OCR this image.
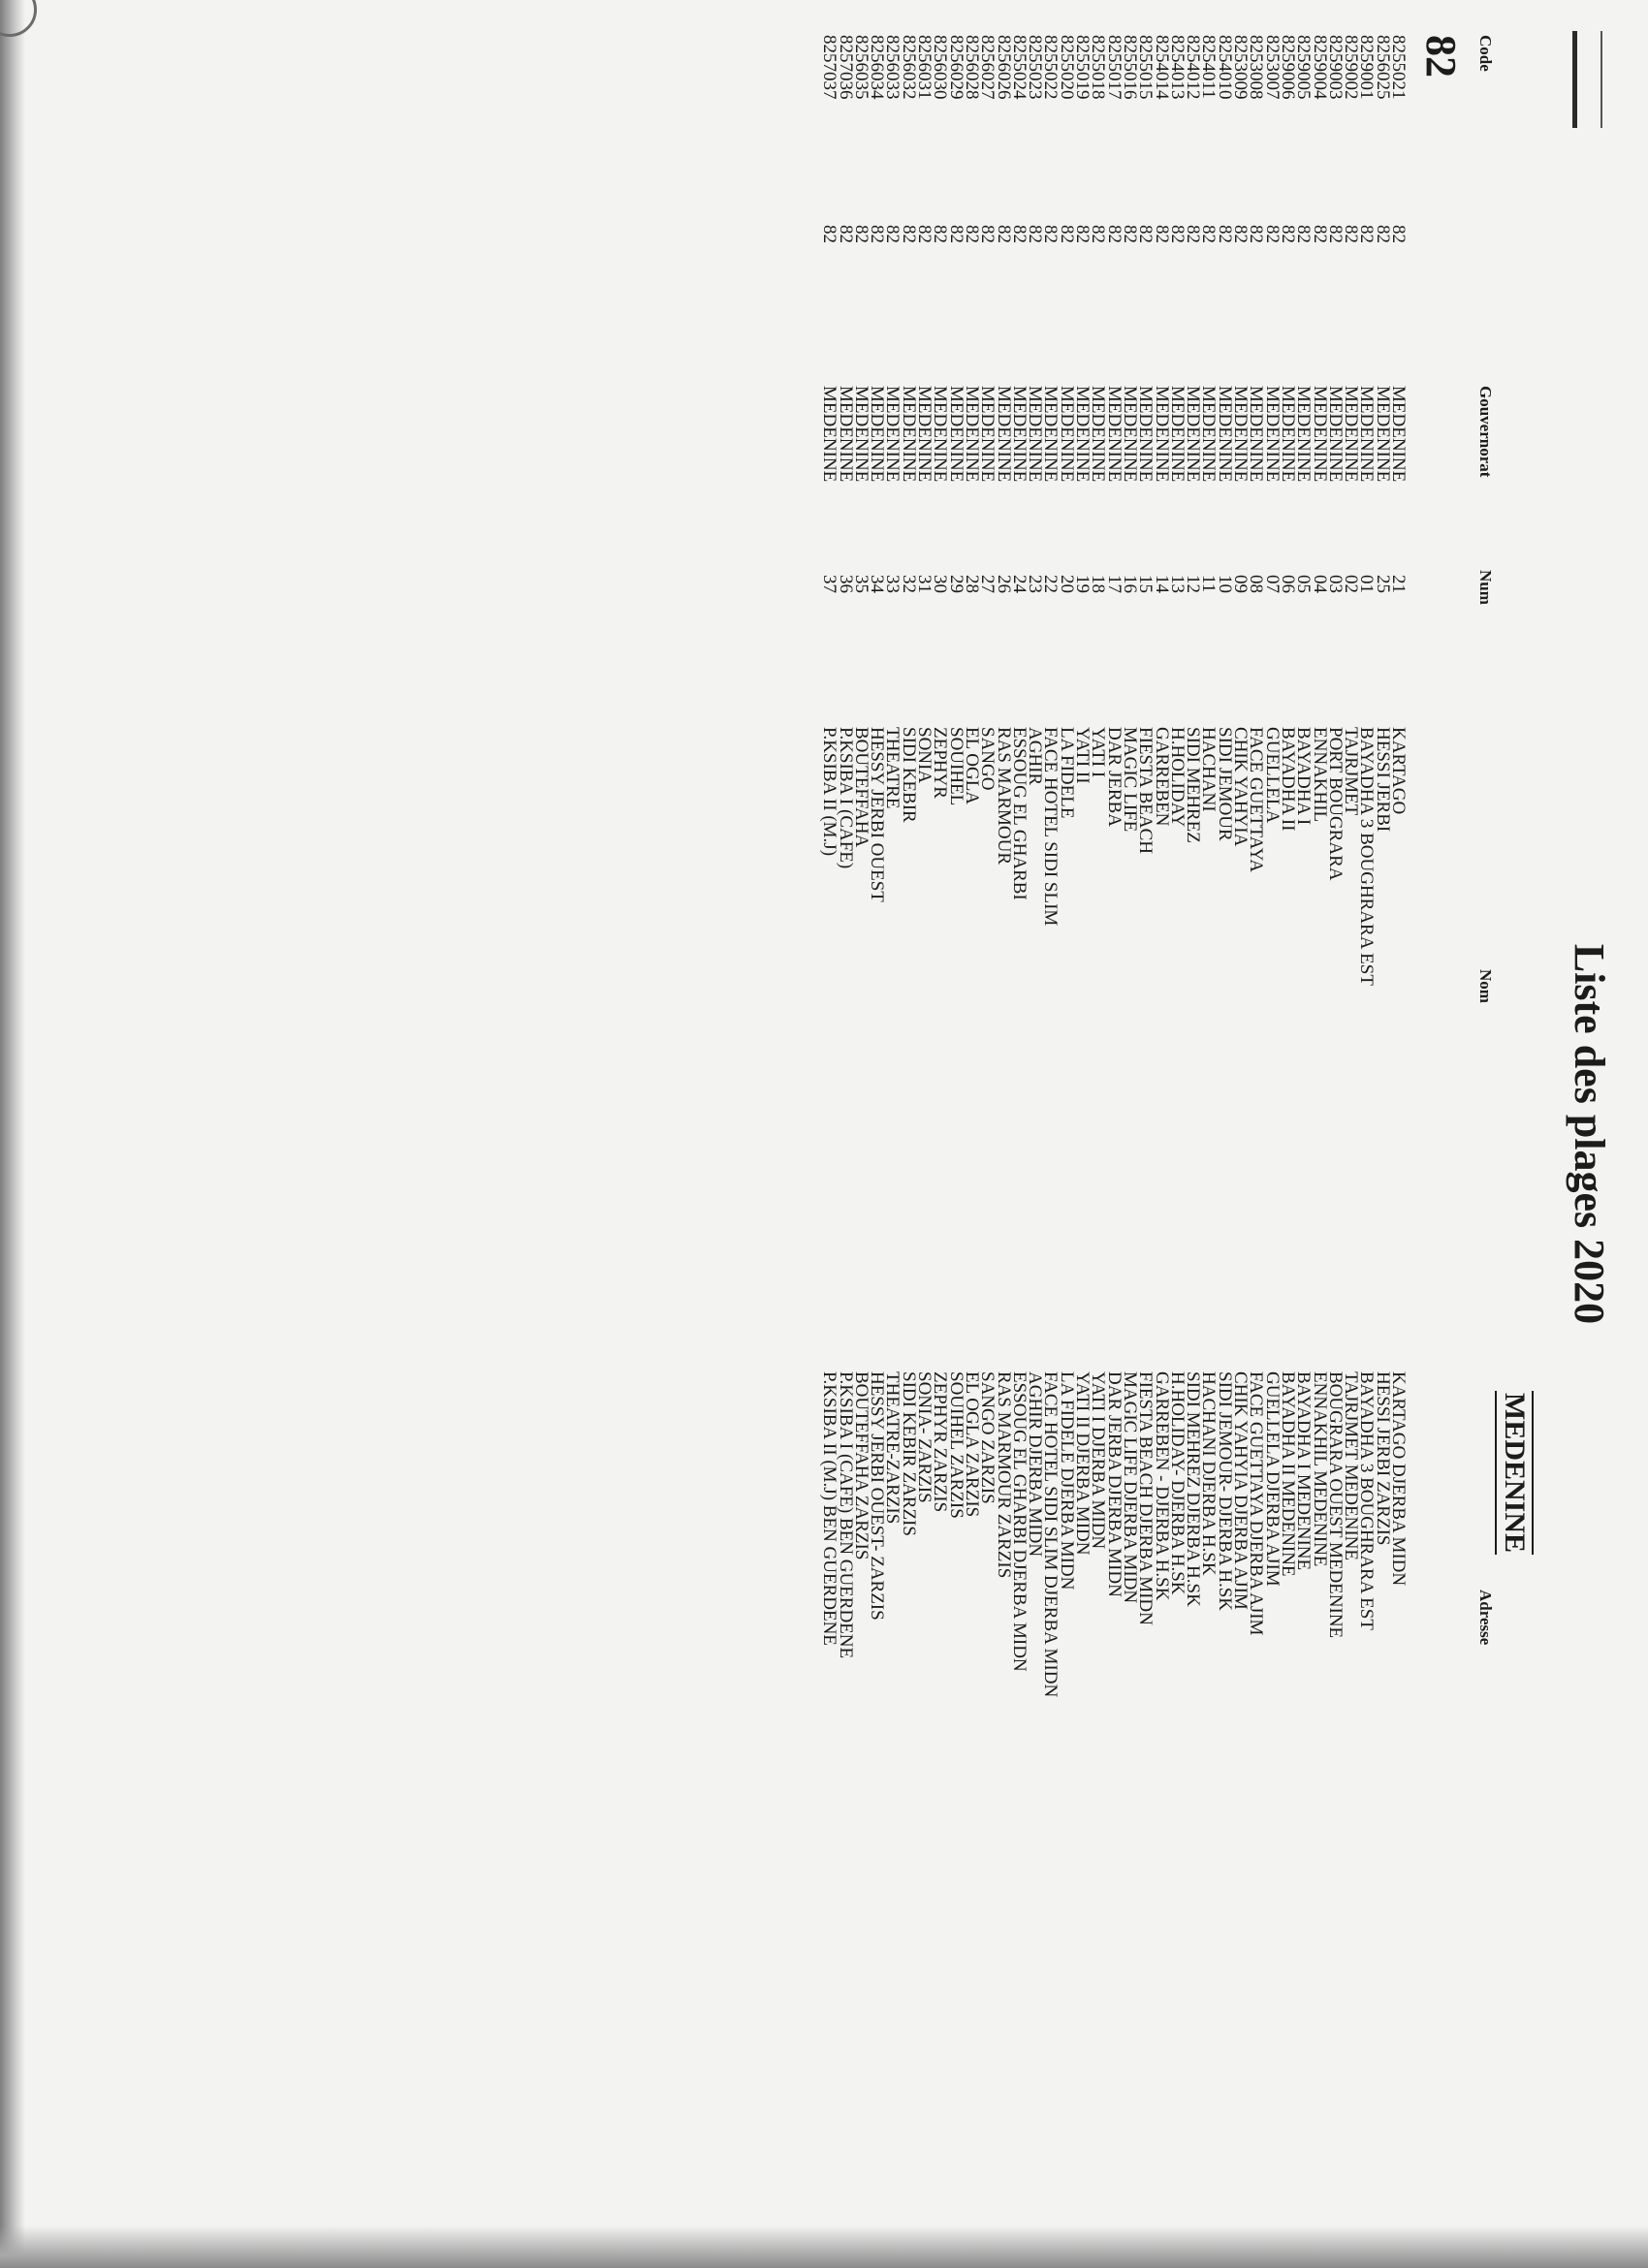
Liste des plages 2020
MEDENINE
Code
Gouvernorat
Num
Nom
Adresse
82
8255021
82
MEDENINE
21
KARTAGO
KARTAGO DJERBA MIDN
8256025
82
MEDENINE
25
HESSI JERBI
HESSI JERBI ZARZIS
8259001
82
MEDENINE
01
BAYADHA 3 BOUGHRARA EST
BAYADHA 3 BOUGHRARA EST
8259002
82
MEDENINE
02
TAJRJMET
TAJRJMET MEDENINE
8259003
82
MEDENINE
03
PORT BOUGRARA
BOUGRARA OUEST MEDENINE
8259004
82
MEDENINE
04
ENNAKHIL
ENNAKHIL MEDENINE
8259005
82
MEDENINE
05
BAYADHA I
BAYADHA I MEDENINE
8259006
82
MEDENINE
06
BAYADHA II
BAYADHA II MEDENINE
8253007
82
MEDENINE
07
GUELLELA
GUELLELA DJERBA AJIM
8253008
82
MEDENINE
08
FACE GUETTAYA
FACE GUETTAYA DJERBA AJIM
8253009
82
MEDENINE
09
CHIK YAHYIA
CHIK YAHYIA DJERBA AJIM
8254010
82
MEDENINE
10
SIDI JEMOUR
SIDI JEMOUR- DJERBA H.SK
8254011
82
MEDENINE
11
HACHANI
HACHANI DJERBA H.SK
8254012
82
MEDENINE
12
SIDI MEHREZ
SIDI MEHREZ DJERBA H.SK
8254013
82
MEDENINE
13
H.HOLIDAY
H.HOLIDAY- DJERBA H.SK
8254014
82
MEDENINE
14
GARREBEN
GARREBEN - DJERBA H.SK
8255015
82
MEDENINE
15
FIESTA BEACH
FIESTA BEACH DJERBA MIDN
8255016
82
MEDENINE
16
MAGIC LIFE
MAGIC LIFE DJERBA MIDN
8255017
82
MEDENINE
17
DAR JERBA
DAR JERBA DJERBA MIDN
8255018
82
MEDENINE
18
YATI I
YATI I DJERBA MIDN
8255019
82
MEDENINE
19
YATI II
YATI II DJERBA MIDN
8255020
82
MEDENINE
20
LA FIDELE
LA FIDELE DJERBA MIDN
8255022
82
MEDENINE
22
FACE HOTEL SIDI SLIM
FACE HOTEL SIDI SLIM DJERBA MIDN
8255023
82
MEDENINE
23
AGHIR
AGHIR DJERBA MIDN
8255024
82
MEDENINE
24
ESSOUG EL GHARBI
ESSOUG EL GHARBI DJERBA MIDN
8256026
82
MEDENINE
26
RAS MARMOUR
RAS MARMOUR ZARZIS
8256027
82
MEDENINE
27
SANGO
SANGO ZARZIS
8256028
82
MEDENINE
28
EL OGLA
EL OGLA ZARZIS
8256029
82
MEDENINE
29
SOUIHEL
SOUIHEL ZARZIS
8256030
82
MEDENINE
30
ZEPHYR
ZEPHYR ZARZIS
8256031
82
MEDENINE
31
SONIA
SONIA- ZARZIS
8256032
82
MEDENINE
32
SIDI KEBIR
SIDI KEBIR ZARZIS
8256033
82
MEDENINE
33
THEATRE
THEATRE-ZARZIS
8256034
82
MEDENINE
34
HESSY JERBI OUEST
HESSY JERBI OUEST- ZARZIS
8256035
82
MEDENINE
35
BOUTEFFAHA
BOUTEFFAHA ZARZIS
8257036
82
MEDENINE
36
P.KSIBA I (CAFE)
P.KSIBA I (CAFE) BEN GUERDENE
8257037
82
MEDENINE
37
P.KSIBA II (M.J)
P.KSIBA II (M.J) BEN GUERDENE
